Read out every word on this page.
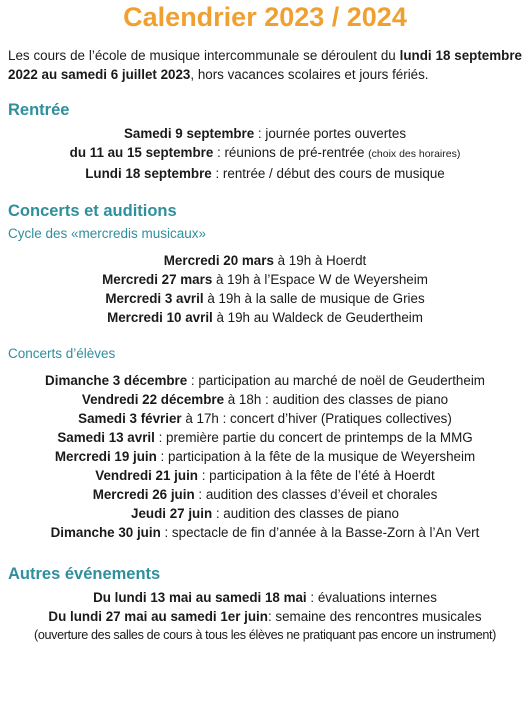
Calendrier 2023 / 2024

Les cours de l’école de musique intercommunale se déroulent du lundi 18 septembre 2022 au samedi 6 juillet 2023, hors vacances scolaires et jours fériés.

Rentrée
Samedi 9 septembre : journée portes ouvertes
du 11 au 15 septembre : réunions de pré-rentrée (choix des horaires)
Lundi 18 septembre : rentrée / début des cours de musique
Concerts et auditions
Cycle des «mercredis musicaux»
Mercredi 20 mars à 19h à Hoerdt
Mercredi 27 mars à 19h à l’Espace W de Weyersheim
Mercredi 3 avril à 19h à la salle de musique de Gries
Mercredi 10 avril à 19h au Waldeck de Geudertheim
Concerts d’élèves
Dimanche 3 décembre : participation au marché de noël de Geudertheim
Vendredi 22 décembre à 18h : audition des classes de piano
Samedi 3 février à 17h : concert d’hiver (Pratiques collectives)
Samedi 13 avril : première partie du concert de printemps de la MMG
Mercredi 19 juin : participation à la fête de la musique de Weyersheim
Vendredi 21 juin : participation à la fête de l’été à Hoerdt
Mercredi 26 juin : audition des classes d’éveil et chorales
Jeudi 27 juin : audition des classes de piano
Dimanche 30 juin : spectacle de fin d’année à la Basse-Zorn à l’An Vert
Autres événements
Du lundi 13 mai au samedi 18 mai : évaluations internes
Du lundi 27 mai au samedi 1er juin: semaine des rencontres musicales
(ouverture des salles de cours à tous les élèves ne pratiquant pas encore un instrument)
